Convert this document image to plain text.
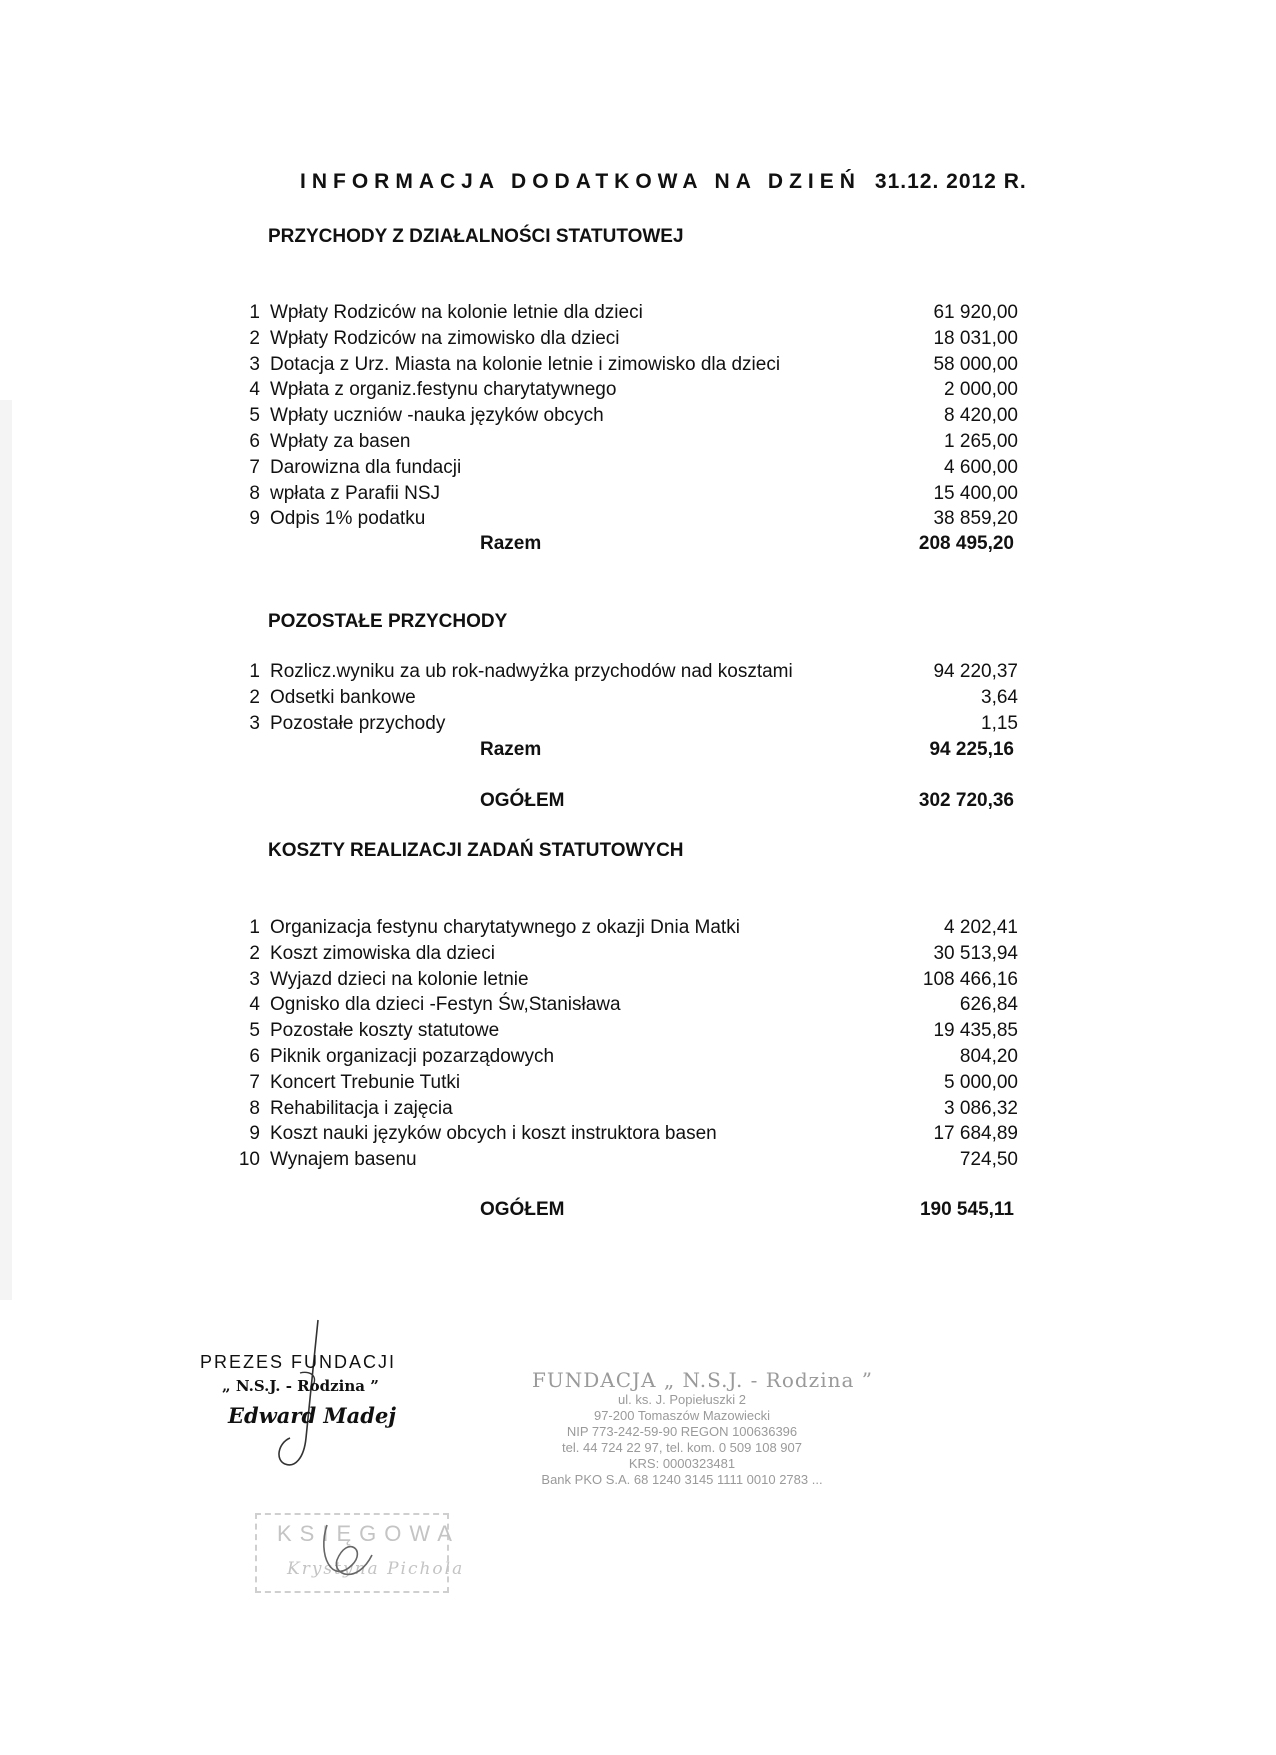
INFORMACJA DODATKOWA NA DZIEŃ 31.12. 2012 R.
PRZYCHODY Z DZIAŁALNOŚCI STATUTOWEJ
1 Wpłaty Rodziców na kolonie letnie dla dzieci	61 920,00
2 Wpłaty Rodziców na zimowisko dla dzieci	18 031,00
3 Dotacja z Urz. Miasta na kolonie letnie i zimowisko dla dzieci	58 000,00
4 Wpłata z organiz.festynu charytatywnego	2 000,00
5 Wpłaty uczniów -nauka języków obcych	8 420,00
6 Wpłaty za basen	1 265,00
7 Darowizna dla fundacji	4 600,00
8 wpłata z Parafii NSJ	15 400,00
9 Odpis 1% podatku	38 859,20
Razem	208 495,20
POZOSTAŁE PRZYCHODY
1 Rozlicz.wyniku za ub rok-nadwyżka przychodów nad kosztami	94 220,37
2 Odsetki bankowe	3,64
3 Pozostałe przychody	1,15
Razem	94 225,16
OGÓŁEM	302 720,36
KOSZTY REALIZACJI ZADAŃ STATUTOWYCH
1 Organizacja festynu charytatywnego z okazji Dnia Matki	4 202,41
2 Koszt zimowiska dla dzieci	30 513,94
3 Wyjazd dzieci na kolonie letnie	108 466,16
4 Ognisko dla dzieci -Festyn Św,Stanisława	626,84
5 Pozostałe koszty statutowe	19 435,85
6 Piknik organizacji pozarządowych	804,20
7 Koncert Trebunie Tutki	5 000,00
8 Rehabilitacja i zajęcia	3 086,32
9 Koszt nauki języków obcych i koszt instruktora basen	17 684,89
10 Wynajem basenu	724,50
OGÓŁEM	190 545,11
PREZES FUNDACJI
„ N.S.J. - Rodzina ”
Edward Madej
FUNDACJA „ N.S.J. - Rodzina ”
ul. ks. J. Popiełuszki 2
97-200 Tomaszów Mazowiecki
NIP 773-242-59-90 REGON 100636396
tel. 44 724 22 97, tel. kom. 0 509 108 907
KRS: 0000323481
Bank PKO S.A. 68 1240 3145 1111 0010 2783 ...
KSIĘGOWA
Krystyna Pichola
